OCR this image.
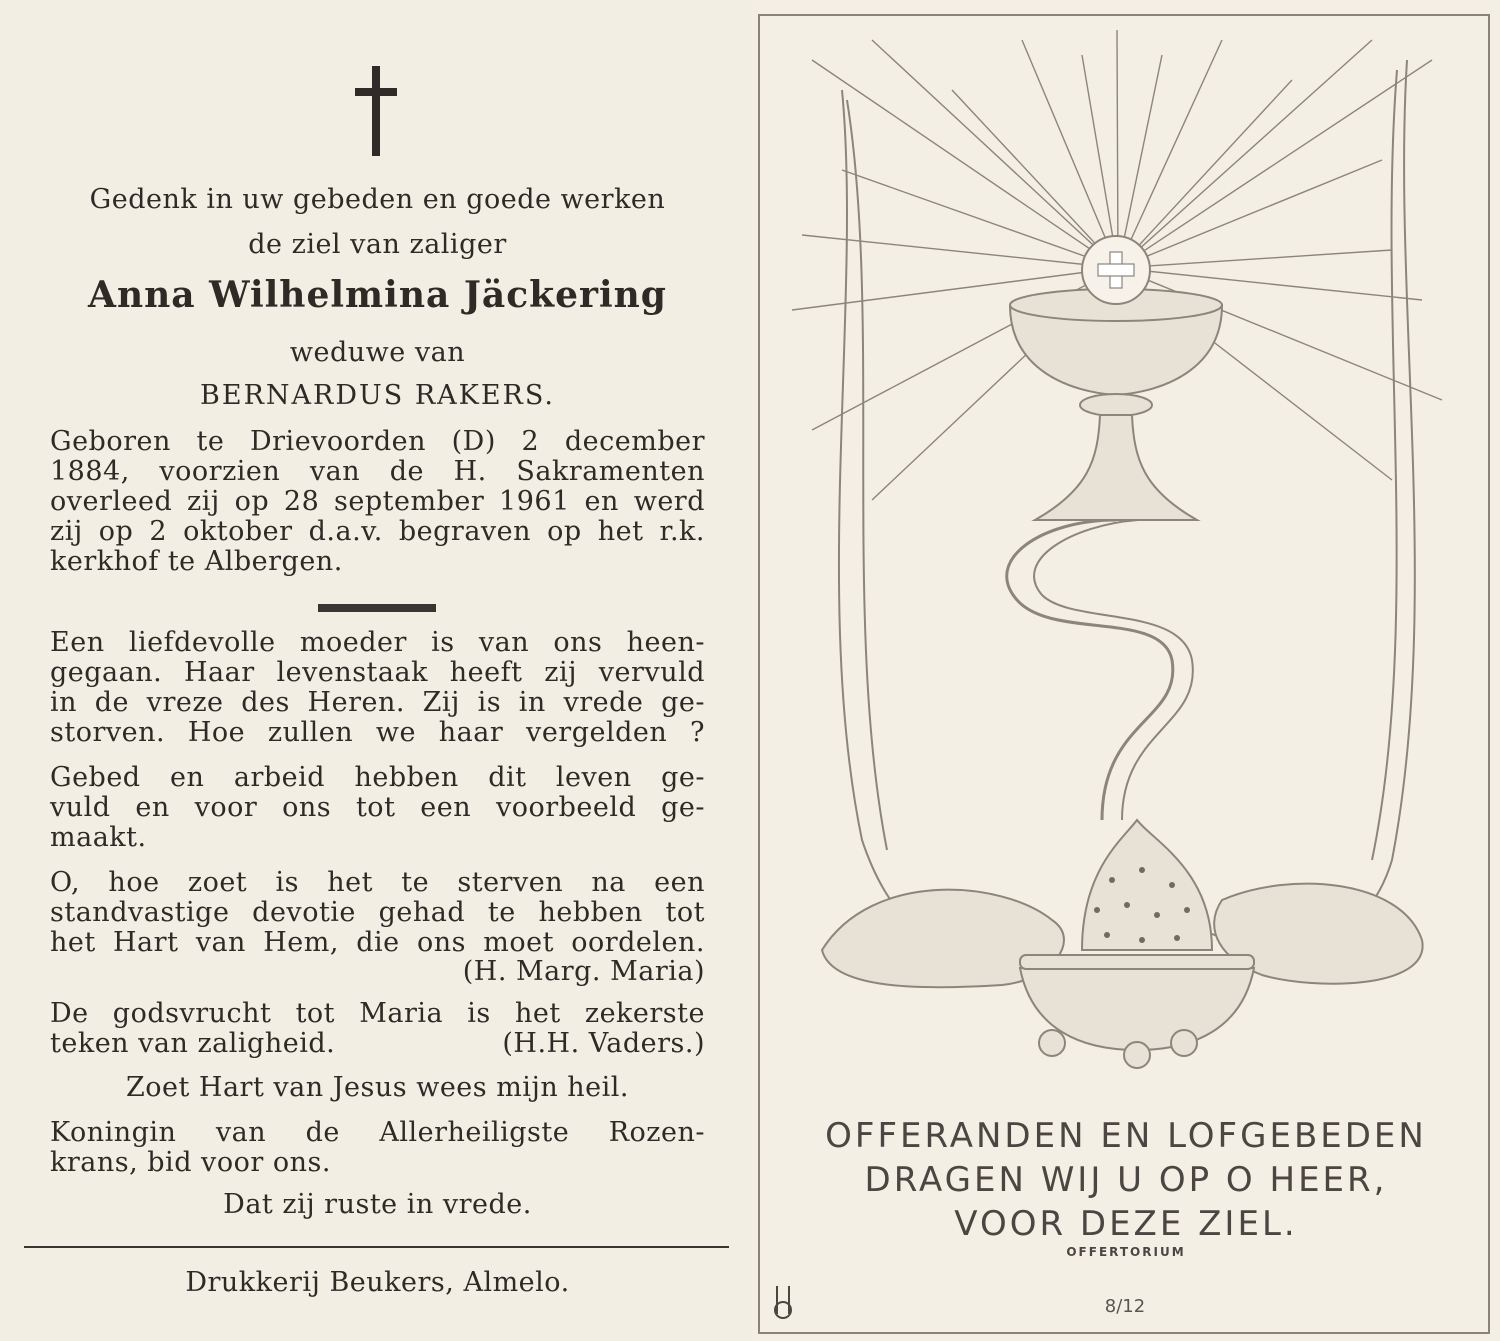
Gedenk in uw gebeden en goede werken
de ziel van zaliger
Anna Wilhelmina Jäckering
weduwe van
BERNARDUS RAKERS.
Geboren te Drievoorden (D) 2 december
1884, voorzien van de H. Sakramenten
overleed zij op 28 september 1961 en werd
zij op 2 oktober d.a.v. begraven op het r.k.
kerkhof te Albergen.
Een liefdevolle moeder is van ons heen-
gegaan. Haar levenstaak heeft zij vervuld
in de vreze des Heren. Zij is in vrede ge-
storven. Hoe zullen we haar vergelden ?
Gebed en arbeid hebben dit leven ge-
vuld en voor ons tot een voorbeeld ge-
maakt.
O, hoe zoet is het te sterven na een
standvastige devotie gehad te hebben tot
het Hart van Hem, die ons moet oordelen.
(H. Marg. Maria)
De godsvrucht tot Maria is het zekerste
teken van zaligheid.	(H.H. Vaders.)
Zoet Hart van Jesus wees mijn heil.
Koningin van de Allerheiligste Rozen-
krans, bid voor ons.
Dat zij ruste in vrede.
Drukkerij Beukers, Almelo.
OFFERANDEN EN LOFGEBEDEN
DRAGEN WIJ U OP O HEER,
VOOR DEZE ZIEL.
OFFERTORIUM
8/12
